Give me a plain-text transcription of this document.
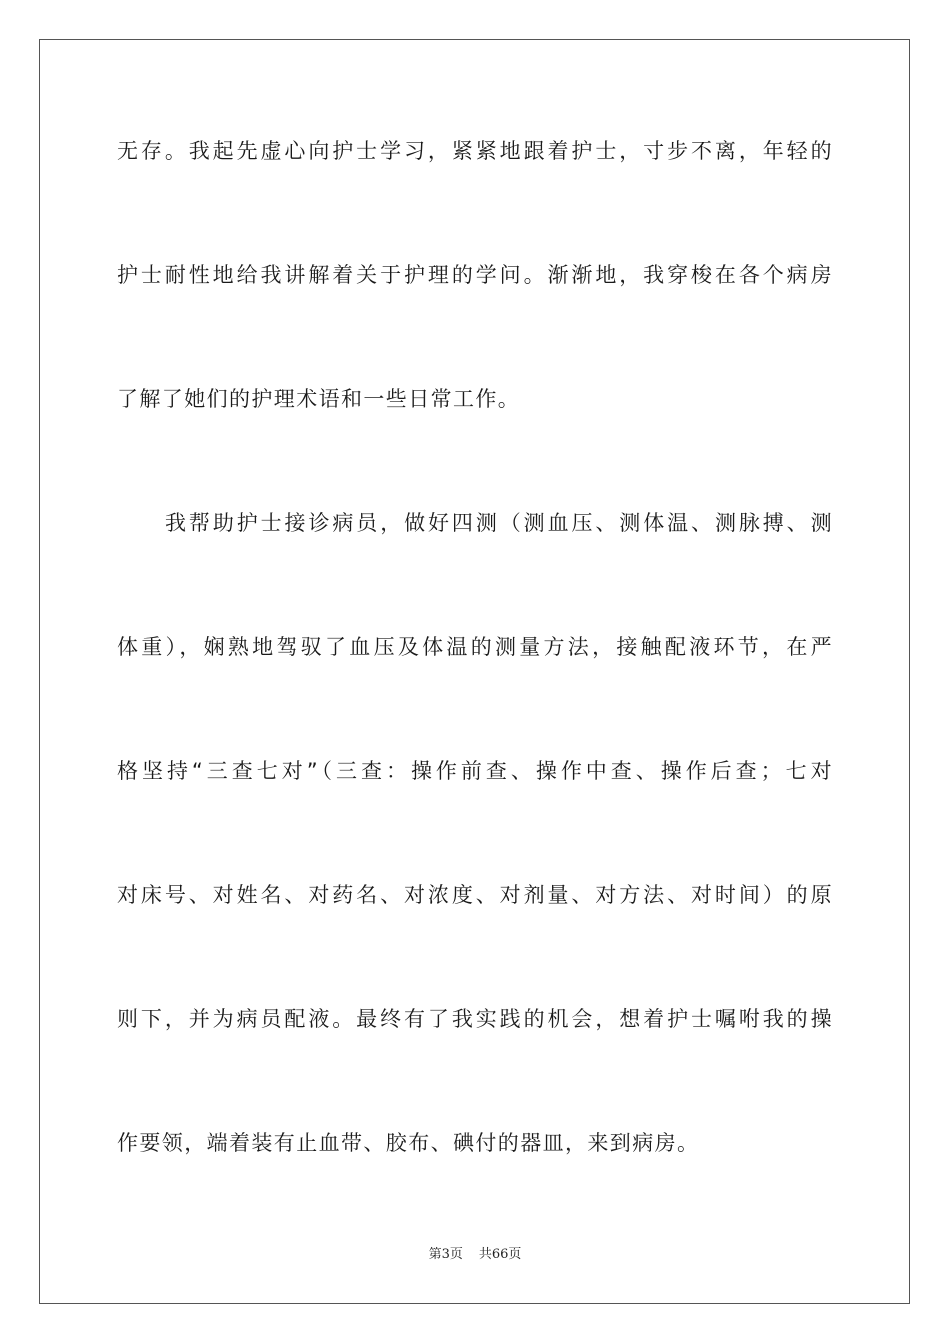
无存。我起先虚心向护士学习，紧紧地跟着护士，寸步不离，年轻的
护士耐性地给我讲解着关于护理的学问。渐渐地，我穿梭在各个病房
了解了她们的护理术语和一些日常工作。
我帮助护士接诊病员，做好四测（测血压、测体温、测脉搏、测
体重），娴熟地驾驭了血压及体温的测量方法，接触配液环节，在严
格坚持“三查七对”（三查：操作前查、操作中查、操作后查；七对
对床号、对姓名、对药名、对浓度、对剂量、对方法、对时间）的原
则下，并为病员配液。最终有了我实践的机会，想着护士嘱咐我的操
作要领，端着装有止血带、胶布、碘付的器皿，来到病房。
第3页 共66页
